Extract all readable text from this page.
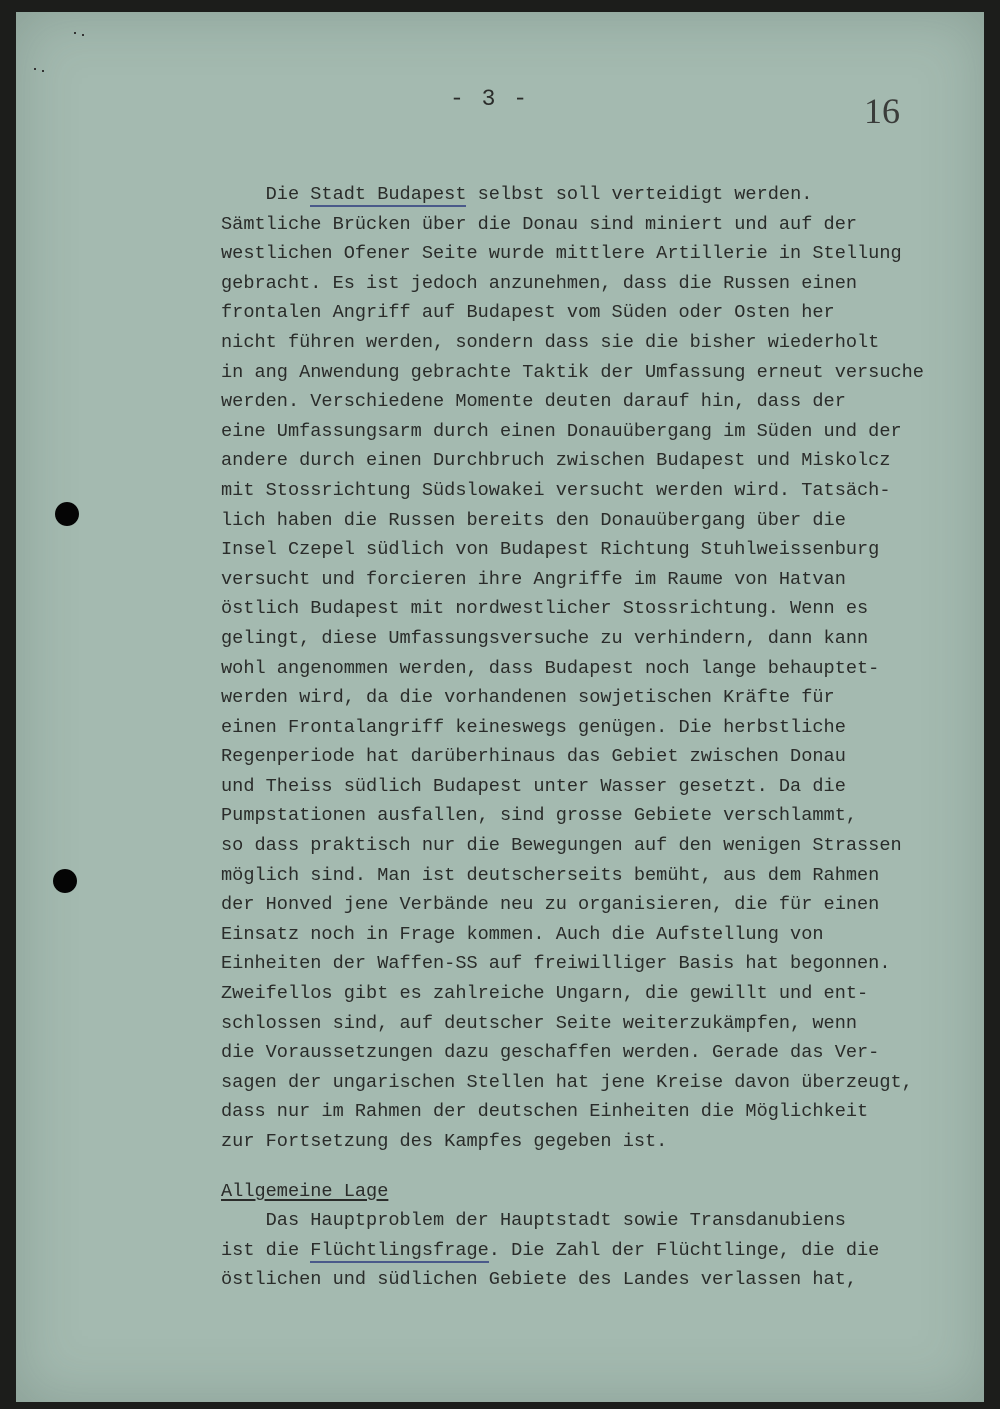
- 3 -	16
Die Stadt Budapest selbst soll verteidigt werden.
Sämtliche Brücken über die Donau sind miniert und auf der
westlichen Ofener Seite wurde mittlere Artillerie in Stellung
gebracht. Es ist jedoch anzunehmen, dass die Russen einen
frontalen Angriff auf Budapest vom Süden oder Osten her
nicht führen werden, sondern dass sie die bisher wiederholt
in ang Anwendung gebrachte Taktik der Umfassung erneut versuche
werden. Verschiedene Momente deuten darauf hin, dass der
eine Umfassungsarm durch einen Donauübergang im Süden und der
andere durch einen Durchbruch zwischen Budapest und Miskolcz
mit Stossrichtung Südslowakei versucht werden wird. Tatsäch-
lich haben die Russen bereits den Donauübergang über die
Insel Czepel südlich von Budapest Richtung Stuhlweissenburg
versucht und forcieren ihre Angriffe im Raume von Hatvan
östlich Budapest mit nordwestlicher Stossrichtung. Wenn es
gelingt, diese Umfassungsversuche zu verhindern, dann kann
wohl angenommen werden, dass Budapest noch lange behauptet-
werden wird, da die vorhandenen sowjetischen Kräfte für
einen Frontalangriff keineswegs genügen. Die herbstliche
Regenperiode hat darüberhinaus das Gebiet zwischen Donau
und Theiss südlich Budapest unter Wasser gesetzt. Da die
Pumpstationen ausfallen, sind grosse Gebiete verschlammt,
so dass praktisch nur die Bewegungen auf den wenigen Strassen
möglich sind. Man ist deutscherseits bemüht, aus dem Rahmen
der Honved jene Verbände neu zu organisieren, die für einen
Einsatz noch in Frage kommen. Auch die Aufstellung von
Einheiten der Waffen-SS auf freiwilliger Basis hat begonnen.
Zweifellos gibt es zahlreiche Ungarn, die gewillt und ent-
schlossen sind, auf deutscher Seite weiterzukämpfen, wenn
die Voraussetzungen dazu geschaffen werden. Gerade das Ver-
sagen der ungarischen Stellen hat jene Kreise davon überzeugt,
dass nur im Rahmen der deutschen Einheiten die Möglichkeit
zur Fortsetzung des Kampfes gegeben ist.
Allgemeine Lage
Das Hauptproblem der Hauptstadt sowie Transdanubiens
ist die Flüchtlingsfrage. Die Zahl der Flüchtlinge, die die
östlichen und südlichen Gebiete des Landes verlassen hat,
